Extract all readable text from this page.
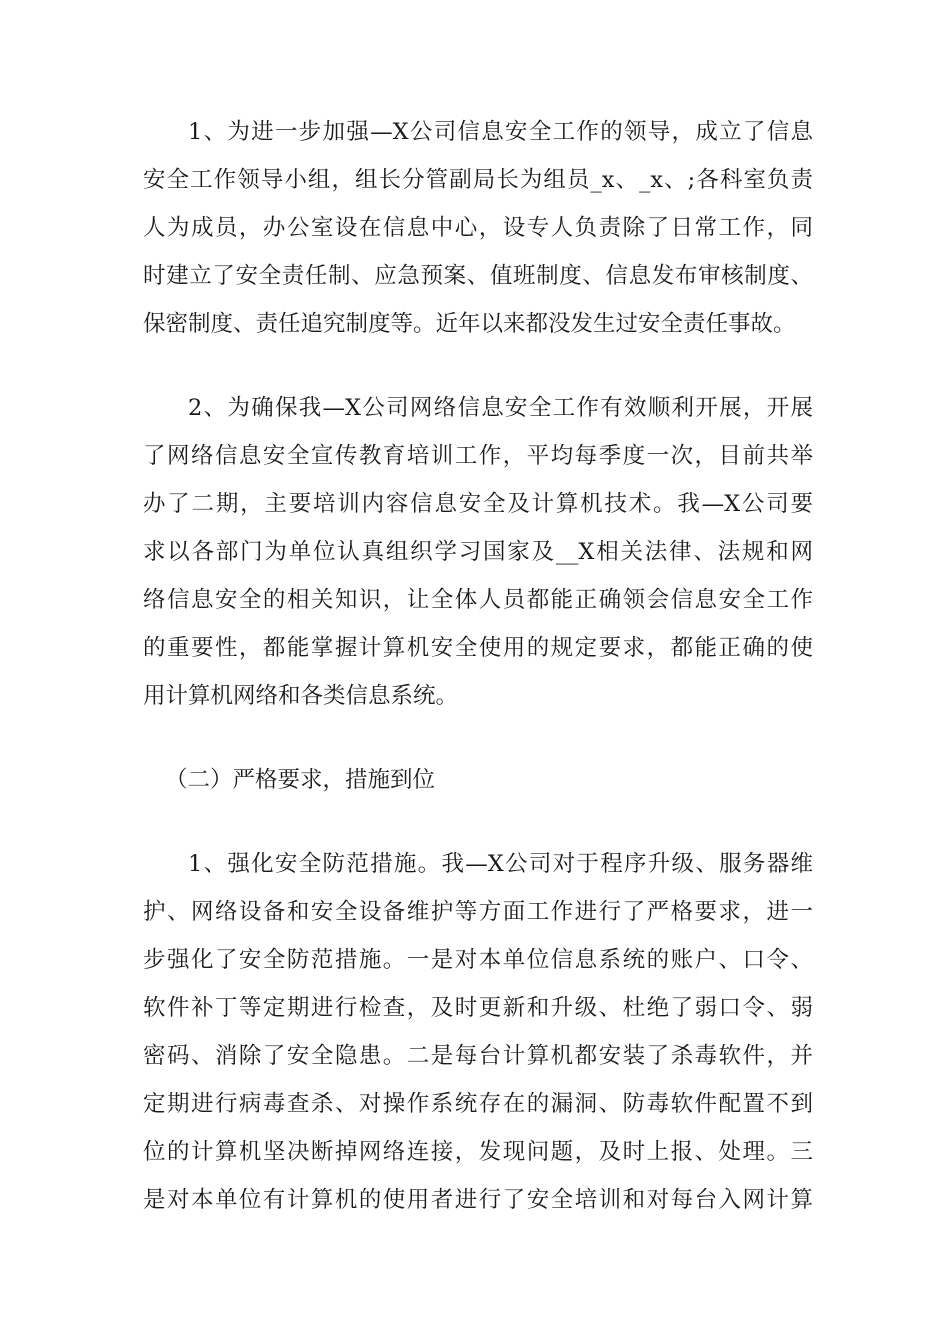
1、为进一步加强—X公司信息安全工作的领导，成立了信息
安全工作领导小组，组长分管副局长为组员_x、_x、;各科室负责
人为成员，办公室设在信息中心，设专人负责除了日常工作，同
时建立了安全责任制、应急预案、值班制度、信息发布审核制度、
保密制度、责任追究制度等。近年以来都没发生过安全责任事故。
2、为确保我—X公司网络信息安全工作有效顺利开展，开展
了网络信息安全宣传教育培训工作，平均每季度一次，目前共举
办了二期，主要培训内容信息安全及计算机技术。我—X公司要
求以各部门为单位认真组织学习国家及__X相关法律、法规和网
络信息安全的相关知识，让全体人员都能正确领会信息安全工作
的重要性，都能掌握计算机安全使用的规定要求，都能正确的使
用计算机网络和各类信息系统。
（二）严格要求，措施到位
1、强化安全防范措施。我—X公司对于程序升级、服务器维
护、网络设备和安全设备维护等方面工作进行了严格要求，进一
步强化了安全防范措施。一是对本单位信息系统的账户、口令、
软件补丁等定期进行检查，及时更新和升级、杜绝了弱口令、弱
密码、消除了安全隐患。二是每台计算机都安装了杀毒软件，并
定期进行病毒查杀、对操作系统存在的漏洞、防毒软件配置不到
位的计算机坚决断掉网络连接，发现问题，及时上报、处理。三
是对本单位有计算机的使用者进行了安全培训和对每台入网计算
